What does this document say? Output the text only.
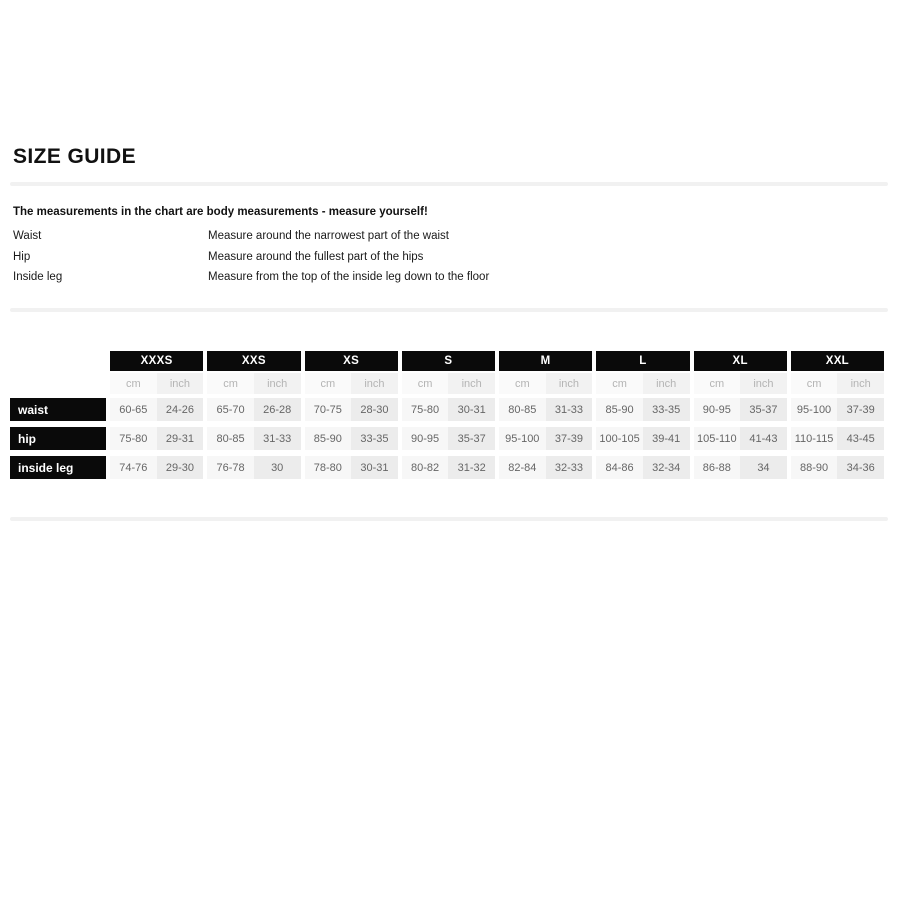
SIZE GUIDE
The measurements in the chart are body measurements - measure yourself!
Waist	Measure around the narrowest part of the waist
Hip	Measure around the fullest part of the hips
Inside leg	Measure from the top of the inside leg down to the floor
XXXS	XXS	XS	S	M	L	XL	XXL
cm	inch	cm	inch	cm	inch	cm	inch	cm	inch	cm	inch	cm	inch	cm	inch
waist	60-65	24-26	65-70	26-28	70-75	28-30	75-80	30-31	80-85	31-33	85-90	33-35	90-95	35-37	95-100	37-39
hip	75-80	29-31	80-85	31-33	85-90	33-35	90-95	35-37	95-100	37-39	100-105	39-41	105-110	41-43	110-115	43-45
inside leg	74-76	29-30	76-78	30	78-80	30-31	80-82	31-32	82-84	32-33	84-86	32-34	86-88	34	88-90	34-36
